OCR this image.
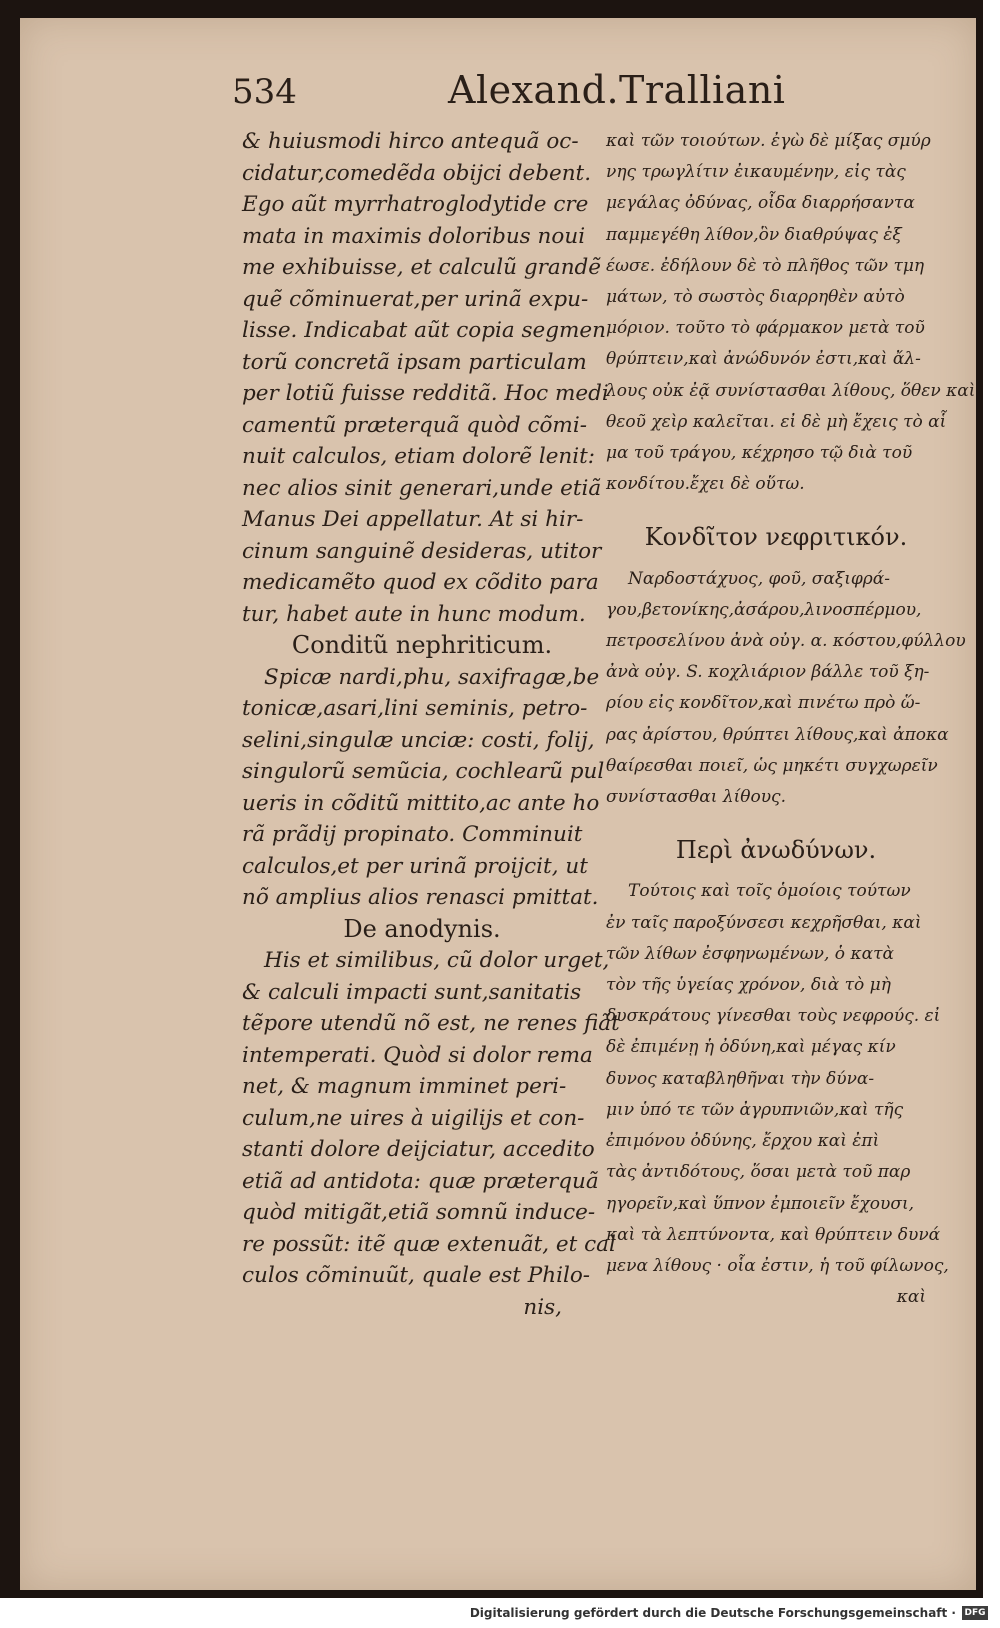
534	Alexand.Tralliani
& huiusmodi hirco antequã oc-
cidatur,comedẽda obijci debent.
Ego aũt myrrhatroglodytide cre
mata in maximis doloribus noui
me exhibuisse, et calculũ grandẽ
quẽ cõminuerat,per urinã expu-
lisse. Indicabat aũt copia segmen
torũ concretã ipsam particulam
per lotiũ fuisse redditã. Hoc medi
camentũ præterquã quòd cõmi-
nuit calculos, etiam dolorẽ lenit:
nec alios sinit generari,unde etiã
Manus Dei appellatur. At si hir-
cinum sanguinẽ desideras, utitor
medicamẽto quod ex cõdito para
tur, habet aute in hunc modum.
Conditũ nephriticum.
Spicæ nardi,phu, saxifragæ,be
tonicæ,asari,lini seminis, petro-
selini,singulæ unciæ: costi, folij,
singulorũ semũcia, cochlearũ pul
ueris in cõditũ mittito,ac ante ho
rã prãdij propinato. Comminuit
calculos,et per urinã proijcit, ut
nõ amplius alios renasci pmittat.
De anodynis.
His et similibus, cũ dolor urget,
& calculi impacti sunt,sanitatis
tẽpore utendũ nõ est, ne renes fiãt
intemperati. Quòd si dolor rema
net, & magnum imminet peri-
culum,ne uires à uigilijs et con-
stanti dolore deijciatur, accedito
etiã ad antidota: quæ præterquã
quòd mitigãt,etiã somnũ induce-
re possũt: itẽ quæ extenuãt, et cal
culos cõminuũt, quale est Philo-
nis,
καὶ τῶν τοιούτων. ἐγὼ δὲ μίξας σμύρ
νης τρωγλίτιν ἐικαυμένην, εἰς τὰς
μεγάλας ὀδύνας, οἶδα διαρρήσαντα
παμμεγέθη λίθον,ὃν διαθρύψας ἐξ
έωσε. ἐδήλουν δὲ τὸ πλῆθος τῶν τμη
μάτων, τὸ σωστὸς διαρρηθὲν αὐτὸ
μόριον. τοῦτο τὸ φάρμακον μετὰ τοῦ
θρύπτειν,καὶ ἀνώδυνόν ἐστι,καὶ ἄλ-
λους οὐκ ἐᾷ συνίστασθαι λίθους, ὅθεν καὶ
θεοῦ χεὶρ καλεῖται. εἰ δὲ μὴ ἔχεις τὸ αἷ
μα τοῦ τράγου, κέχρησο τῷ διὰ τοῦ
κονδίτου.ἔχει δὲ οὕτω.
Κονδῖτον νεφριτικόν.
Ναρδοστάχυος, φοῦ, σαξιφρά-
γου,βετονίκης,ἀσάρου,λινοσπέρμου,
πετροσελίνου ἀνὰ οὐγ. α. κόστου,φύλλου
ἀνὰ οὐγ. S. κοχλιάριον βάλλε τοῦ ξη-
ρίου εἰς κονδῖτον,καὶ πινέτω πρὸ ὥ-
ρας ἀρίστου, θρύπτει λίθους,καὶ ἀποκα
θαίρεσθαι ποιεῖ, ὡς μηκέτι συγχωρεῖν
συνίστασθαι λίθους.
Περὶ ἀνωδύνων.
Τούτοις καὶ τοῖς ὁμοίοις τούτων
ἐν ταῖς παροξύνσεσι κεχρῆσθαι, καὶ
τῶν λίθων ἐσφηνωμένων, ὁ κατὰ
τὸν τῆς ὑγείας χρόνον, διὰ τὸ μὴ
δυσκράτους γίνεσθαι τοὺς νεφρούς. εἰ
δὲ ἐπιμένῃ ἡ ὀδύνη,καὶ μέγας κίν
δυνος καταβληθῆναι τὴν δύνα-
μιν ὑπό τε τῶν ἀγρυπνιῶν,καὶ τῆς
ἐπιμόνου ὀδύνης, ἔρχου καὶ ἐπὶ
τὰς ἀντιδότους, ὅσαι μετὰ τοῦ παρ
ηγορεῖν,καὶ ὕπνον ἐμποιεῖν ἔχουσι,
καὶ τὰ λεπτύνοντα, καὶ θρύπτειν δυνά
μενα λίθους · οἷα ἐστιν, ἡ τοῦ φίλωνος,
καὶ
Digitalisierung gefördert durch die Deutsche Forschungsgemeinschaft · DFG
